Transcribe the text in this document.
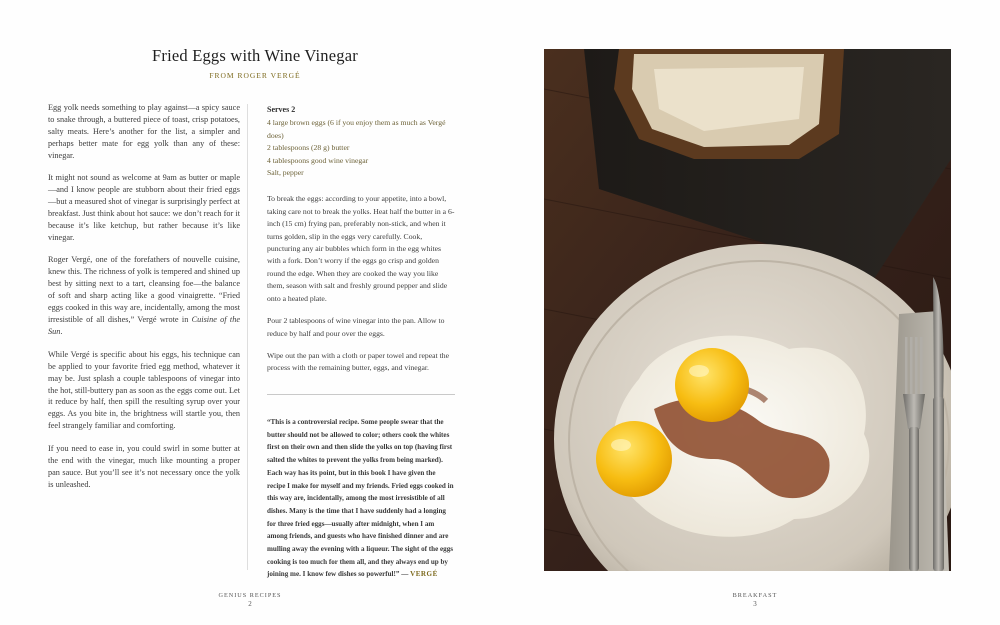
Fried Eggs with Wine Vinegar
FROM ROGER VERGÉ

Egg yolk needs something to play against—a spicy sauce to snake through, a buttered piece of toast, crisp potatoes, salty meats. Here’s another for the list, a simpler and perhaps better mate for egg yolk than any of these: vinegar.

It might not sound as welcome at 9am as butter or maple—and I know people are stubborn about their fried eggs—but a measured shot of vinegar is surprisingly perfect at breakfast. Just think about hot sauce: we don’t reach for it because it’s like ketchup, but rather because it’s like vinegar.

Roger Vergé, one of the forefathers of nouvelle cuisine, knew this. The richness of yolk is tempered and shined up best by sitting next to a tart, cleansing foe—the balance of soft and sharp acting like a good vinaigrette. “Fried eggs cooked in this way are, incidentally, among the most irresistible of all dishes,” Vergé wrote in Cuisine of the Sun.

While Vergé is specific about his eggs, his technique can be applied to your favorite fried egg method, whatever it may be. Just splash a couple tablespoons of vinegar into the hot, still-buttery pan as soon as the eggs come out. Let it reduce by half, then spill the resulting syrup over your eggs. As you bite in, the brightness will startle you, then feel strangely familiar and comforting.

If you need to ease in, you could swirl in some butter at the end with the vinegar, much like mounting a proper pan sauce. But you’ll see it’s not necessary once the yolk is unleashed.

Serves 2
4 large brown eggs (6 if you enjoy them as much as Vergé does)
2 tablespoons (28 g) butter
4 tablespoons good wine vinegar
Salt, pepper

To break the eggs: according to your appetite, into a bowl, taking care not to break the yolks. Heat half the butter in a 6-inch (15 cm) frying pan, preferably non-stick, and when it turns golden, slip in the eggs very carefully. Cook, puncturing any air bubbles which form in the egg whites with a fork. Don’t worry if the eggs go crisp and golden round the edge. When they are cooked the way you like them, season with salt and freshly ground pepper and slide onto a heated plate.

Pour 2 tablespoons of wine vinegar into the pan. Allow to reduce by half and pour over the eggs.

Wipe out the pan with a cloth or paper towel and repeat the process with the remaining butter, eggs, and vinegar.

“This is a controversial recipe. Some people swear that the butter should not be allowed to color; others cook the whites first on their own and then slide the yolks on top (having first salted the whites to prevent the yolks from being marked). Each way has its point, but in this book I have given the recipe I make for myself and my friends. Fried eggs cooked in this way are, incidentally, among the most irresistible of all dishes. Many is the time that I have suddenly had a longing for three fried eggs—usually after midnight, when I am among friends, and guests who have finished dinner and are mulling away the evening with a liqueur. The sight of the eggs cooking is too much for them all, and they always end up by joining me. I know few dishes so powerful!” — VERGÉ
GENIUS RECIPES
2
BREAKFAST
3
